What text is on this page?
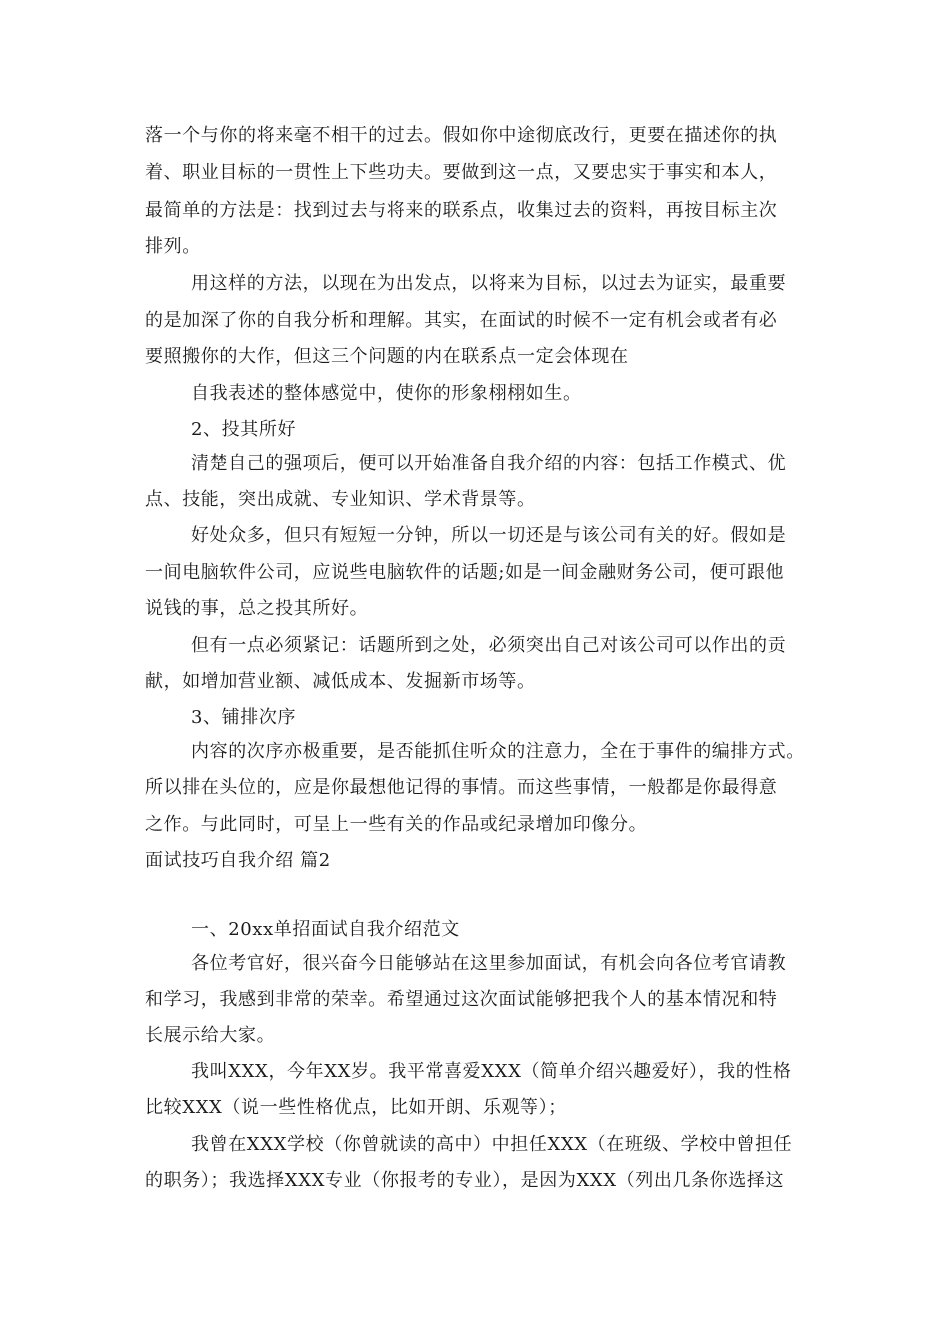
落一个与你的将来毫不相干的过去。假如你中途彻底改行，更要在描述你的执

着、职业目标的一贯性上下些功夫。要做到这一点，又要忠实于事实和本人，

最简单的方法是：找到过去与将来的联系点，收集过去的资料，再按目标主次

排列。

用这样的方法，以现在为出发点，以将来为目标，以过去为证实，最重要

的是加深了你的自我分析和理解。其实，在面试的时候不一定有机会或者有必

要照搬你的大作，但这三个问题的内在联系点一定会体现在

自我表述的整体感觉中，使你的形象栩栩如生。

2、投其所好

清楚自己的强项后，便可以开始准备自我介绍的内容：包括工作模式、优

点、技能，突出成就、专业知识、学术背景等。

好处众多，但只有短短一分钟，所以一切还是与该公司有关的好。假如是

一间电脑软件公司，应说些电脑软件的话题;如是一间金融财务公司，便可跟他

说钱的事，总之投其所好。

但有一点必须紧记：话题所到之处，必须突出自己对该公司可以作出的贡

献，如增加营业额、减低成本、发掘新市场等。

3、铺排次序

内容的次序亦极重要，是否能抓住听众的注意力，全在于事件的编排方式。

所以排在头位的，应是你最想他记得的事情。而这些事情，一般都是你最得意

之作。与此同时，可呈上一些有关的作品或纪录增加印像分。

面试技巧自我介绍 篇2

一、20xx单招面试自我介绍范文

各位考官好，很兴奋今日能够站在这里参加面试，有机会向各位考官请教

和学习，我感到非常的荣幸。希望通过这次面试能够把我个人的基本情况和特

长展示给大家。

我叫XXX，今年XX岁。我平常喜爱XXX（简单介绍兴趣爱好），我的性格

比较XXX（说一些性格优点，比如开朗、乐观等）；

我曾在XXX学校（你曾就读的高中）中担任XXX（在班级、学校中曾担任

的职务）；我选择XXX专业（你报考的专业），是因为XXX（列出几条你选择这
